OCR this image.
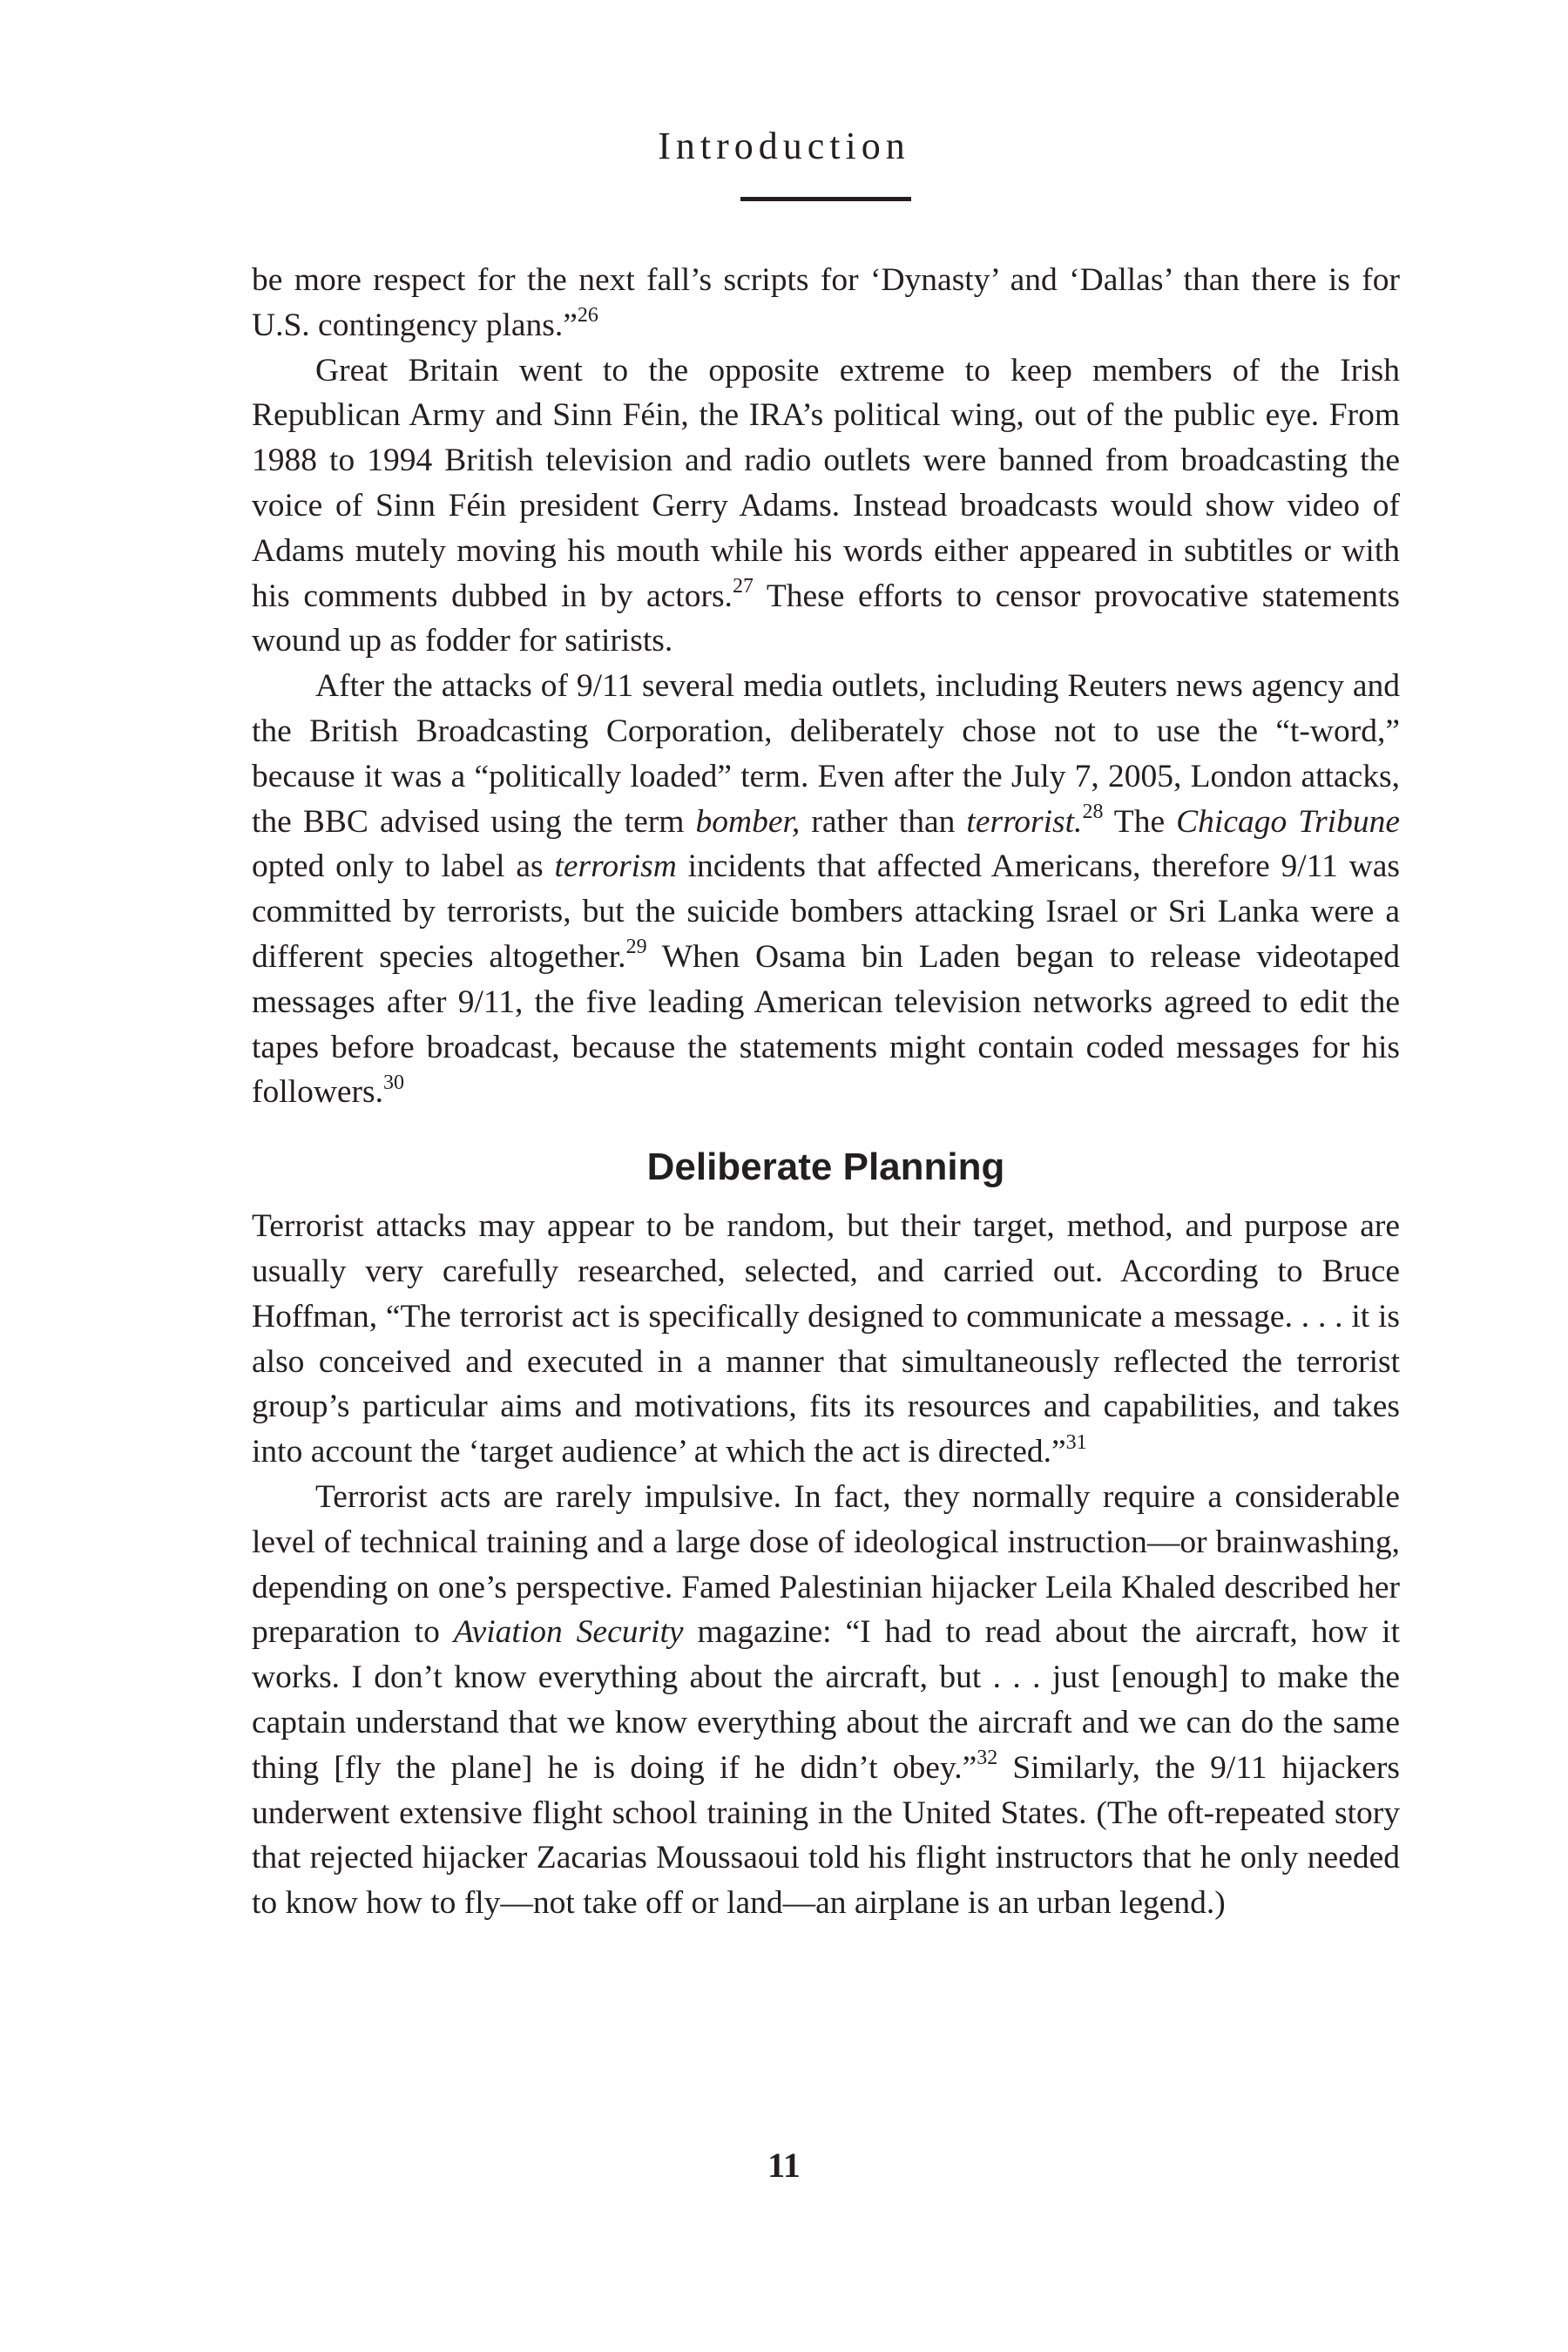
Introduction

be more respect for the next fall’s scripts for ‘Dynasty’ and ‘Dallas’ than there is for U.S. contingency plans.”$^{26}$

Great Britain went to the opposite extreme to keep members of the Irish Republican Army and Sinn Féin, the IRA’s political wing, out of the public eye. From 1988 to 1994 British television and radio outlets were banned from broadcasting the voice of Sinn Féin president Gerry Adams. Instead broadcasts would show video of Adams mutely moving his mouth while his words either appeared in subtitles or with his comments dubbed in by actors.$^{27}$ These efforts to censor provocative statements wound up as fodder for satirists.

After the attacks of 9/11 several media outlets, including Reuters news agency and the British Broadcasting Corporation, deliberately chose not to use the “t-word,” because it was a “politically loaded” term. Even after the July 7, 2005, London attacks, the BBC advised using the term bomber, rather than terrorist.$^{28}$ The Chicago Tribune opted only to label as terrorism incidents that affected Americans, therefore 9/11 was committed by terrorists, but the suicide bombers attacking Israel or Sri Lanka were a different species altogether.$^{29}$ When Osama bin Laden began to release videotaped messages after 9/11, the five leading American television networks agreed to edit the tapes before broadcast, because the statements might contain coded messages for his followers.$^{30}$

Deliberate Planning

Terrorist attacks may appear to be random, but their target, method, and purpose are usually very carefully researched, selected, and carried out. According to Bruce Hoffman, “The terrorist act is specifically designed to communicate a message. . . . it is also conceived and executed in a manner that simultaneously reflected the terrorist group’s particular aims and motivations, fits its resources and capabilities, and takes into account the ‘target audience’ at which the act is directed.”$^{31}$

Terrorist acts are rarely impulsive. In fact, they normally require a considerable level of technical training and a large dose of ideological instruction—or brainwashing, depending on one’s perspective. Famed Palestinian hijacker Leila Khaled described her preparation to Aviation Security magazine: “I had to read about the aircraft, how it works. I don’t know everything about the aircraft, but . . . just [enough] to make the captain understand that we know everything about the aircraft and we can do the same thing [fly the plane] he is doing if he didn’t obey.”$^{32}$ Similarly, the 9/11 hijackers underwent extensive flight school training in the United States. (The oft-repeated story that rejected hijacker Zacarias Moussaoui told his flight instructors that he only needed to know how to fly—not take off or land—an airplane is an urban legend.)

11
